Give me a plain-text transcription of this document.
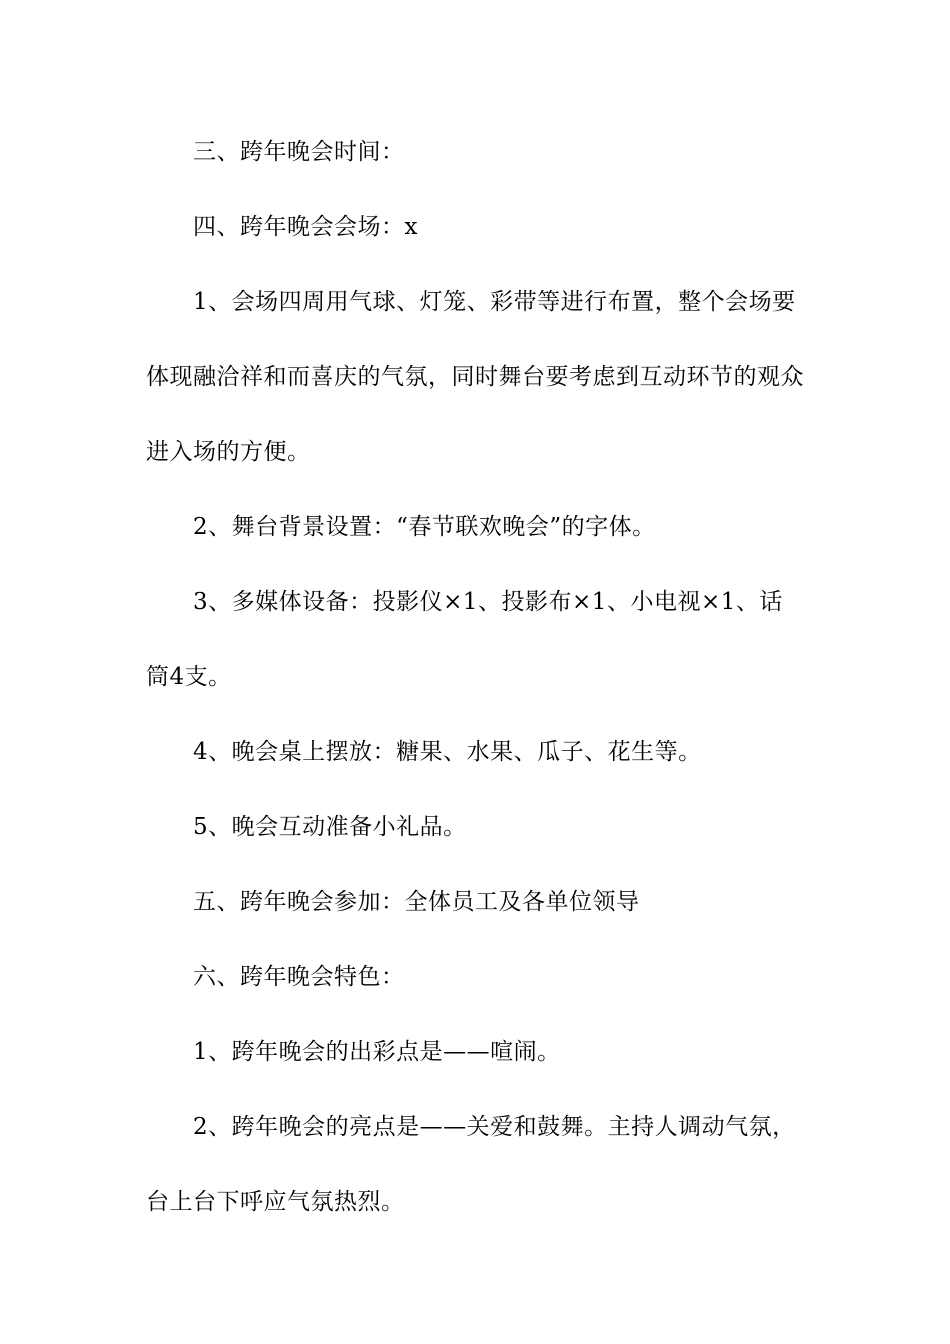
三、跨年晚会时间：

四、跨年晚会会场：x

1、会场四周用气球、灯笼、彩带等进行布置，整个会场要体现融洽祥和而喜庆的气氛，同时舞台要考虑到互动环节的观众进入场的方便。

2、舞台背景设置：“春节联欢晚会”的字体。

3、多媒体设备：投影仪×1、投影布×1、小电视×1、话筒4支。

4、晚会桌上摆放：糖果、水果、瓜子、花生等。

5、晚会互动准备小礼品。

五、跨年晚会参加：全体员工及各单位领导

六、跨年晚会特色：

1、跨年晚会的出彩点是——喧闹。

2、跨年晚会的亮点是——关爱和鼓舞。主持人调动气氛，台上台下呼应气氛热烈。
